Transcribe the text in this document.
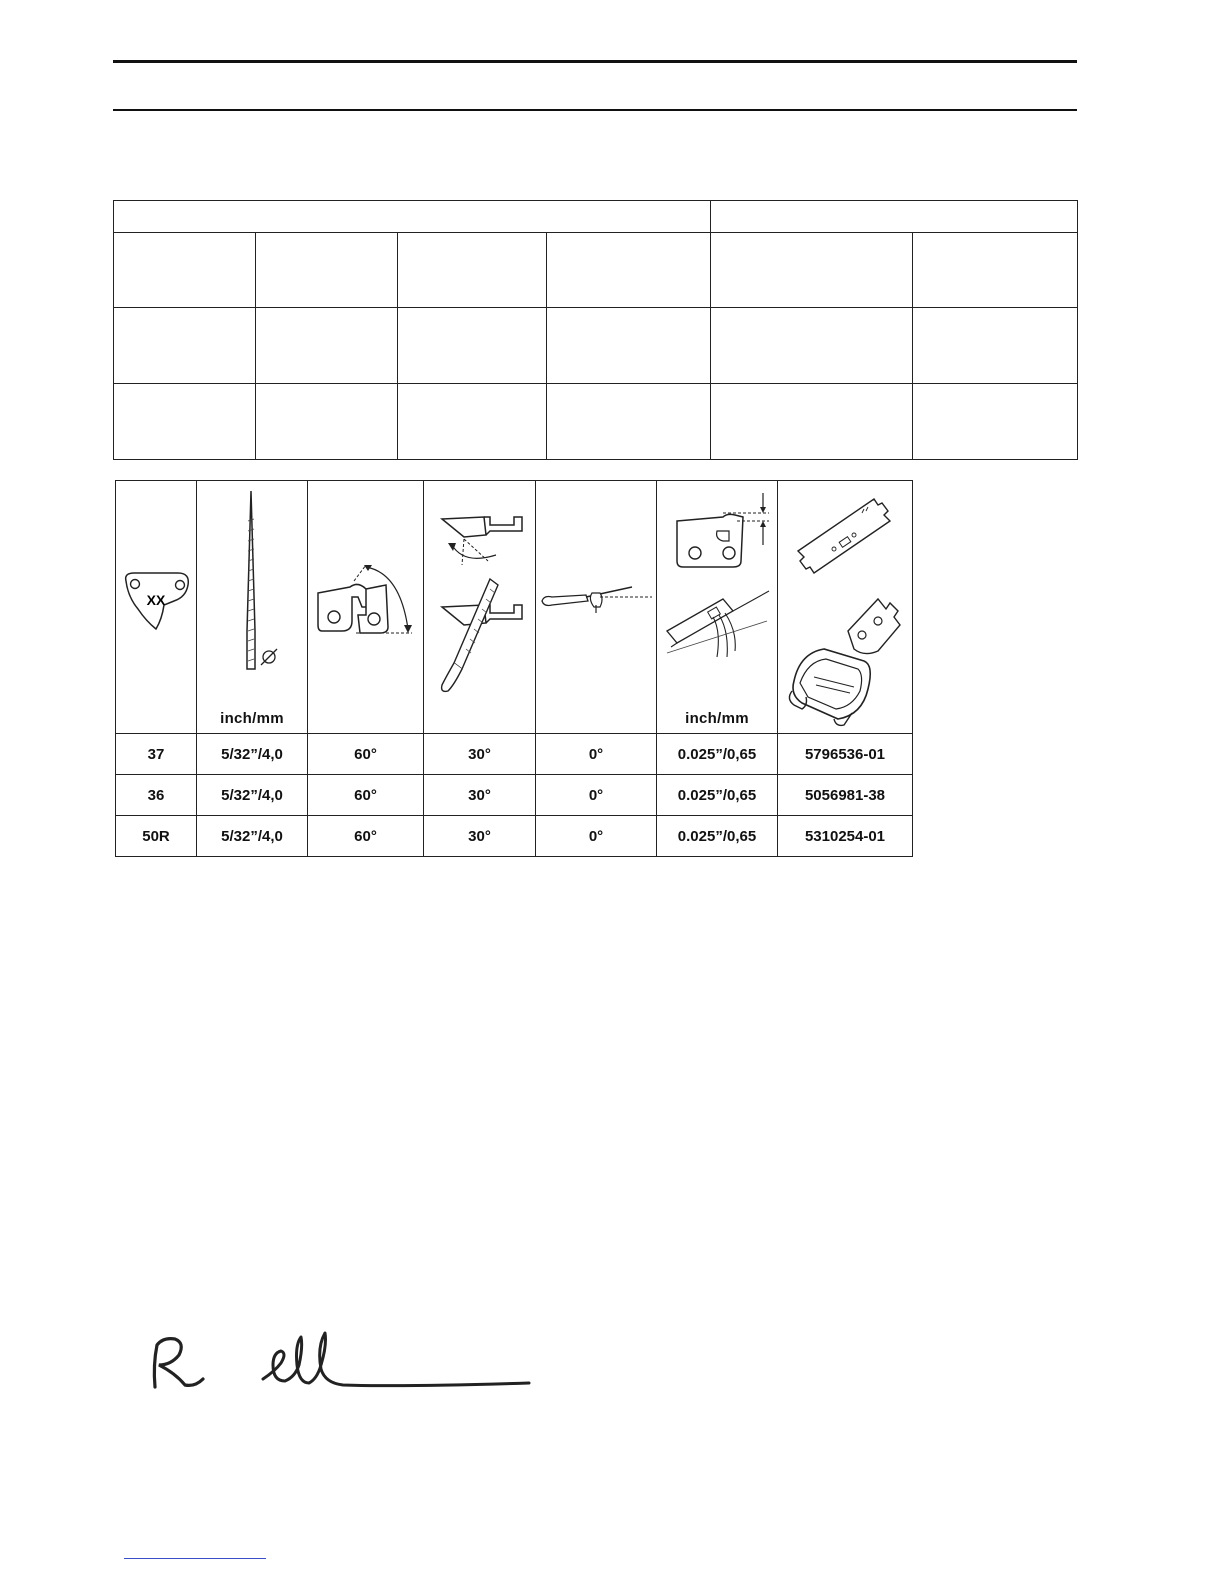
XX	inch/mm				inch/mm

37	5/32”/4,0	60°	30°	0°	0.025”/0,65	5796536-01
36	5/32”/4,0	60°	30°	0°	0.025”/0,65	5056981-38
50R	5/32”/4,0	60°	30°	0°	0.025”/0,65	5310254-01
